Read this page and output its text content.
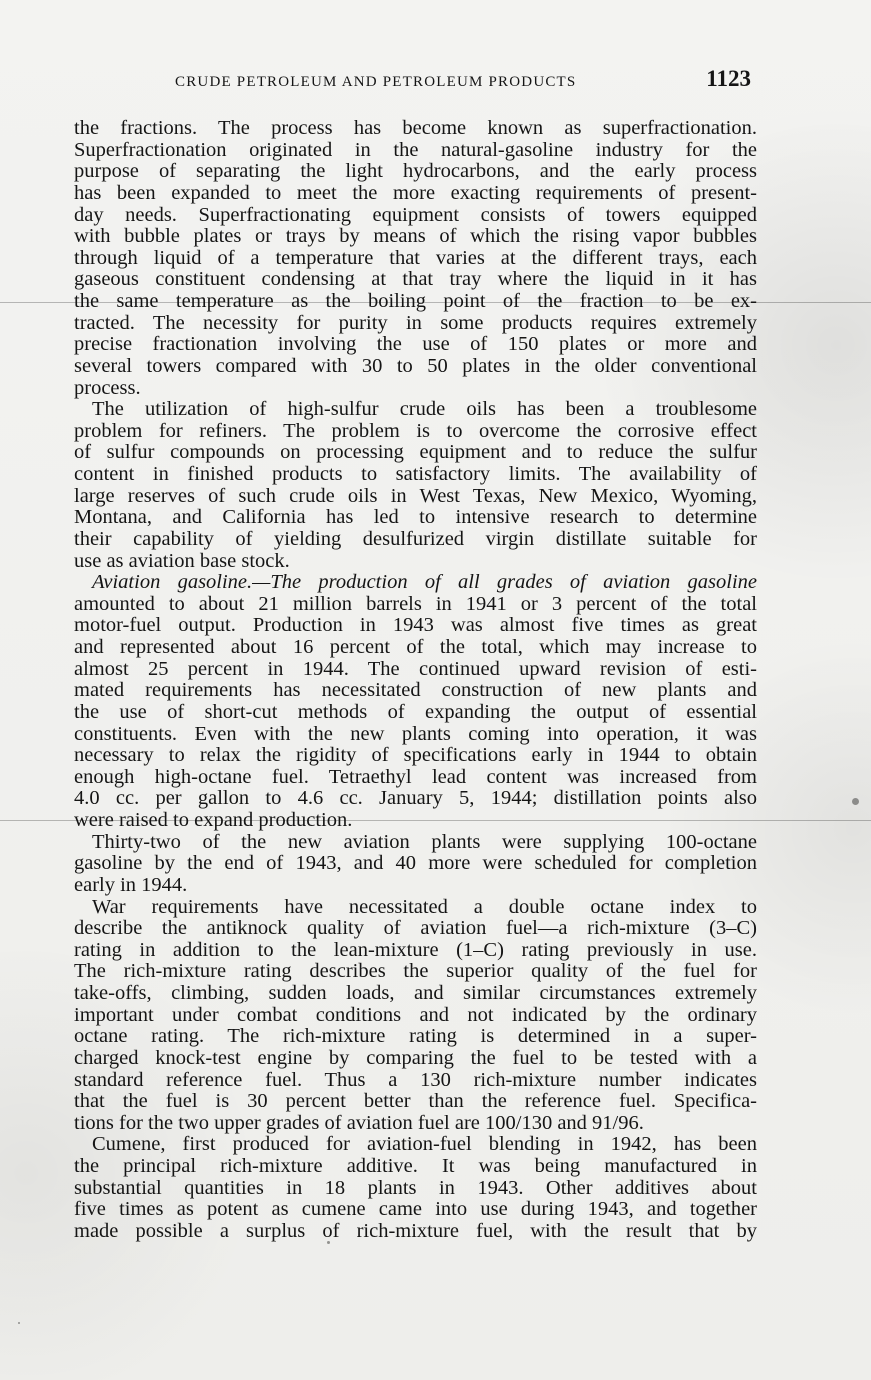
CRUDE PETROLEUM AND PETROLEUM PRODUCTS	1123
the fractions. The process has become known as superfractionation.
Superfractionation originated in the natural-gasoline industry for the
purpose of separating the light hydrocarbons, and the early process
has been expanded to meet the more exacting requirements of present-
day needs. Superfractionating equipment consists of towers equipped
with bubble plates or trays by means of which the rising vapor bubbles
through liquid of a temperature that varies at the different trays, each
gaseous constituent condensing at that tray where the liquid in it has
the same temperature as the boiling point of the fraction to be ex-
tracted. The necessity for purity in some products requires extremely
precise fractionation involving the use of 150 plates or more and
several towers compared with 30 to 50 plates in the older conventional
process.
The utilization of high-sulfur crude oils has been a troublesome
problem for refiners. The problem is to overcome the corrosive effect
of sulfur compounds on processing equipment and to reduce the sulfur
content in finished products to satisfactory limits. The availability of
large reserves of such crude oils in West Texas, New Mexico, Wyoming,
Montana, and California has led to intensive research to determine
their capability of yielding desulfurized virgin distillate suitable for
use as aviation base stock.
Aviation gasoline.—The production of all grades of aviation gasoline
amounted to about 21 million barrels in 1941 or 3 percent of the total
motor-fuel output. Production in 1943 was almost five times as great
and represented about 16 percent of the total, which may increase to
almost 25 percent in 1944. The continued upward revision of esti-
mated requirements has necessitated construction of new plants and
the use of short-cut methods of expanding the output of essential
constituents. Even with the new plants coming into operation, it was
necessary to relax the rigidity of specifications early in 1944 to obtain
enough high-octane fuel. Tetraethyl lead content was increased from
4.0 cc. per gallon to 4.6 cc. January 5, 1944; distillation points also
were raised to expand production.
Thirty-two of the new aviation plants were supplying 100-octane
gasoline by the end of 1943, and 40 more were scheduled for completion
early in 1944.
War requirements have necessitated a double octane index to
describe the antiknock quality of aviation fuel—a rich-mixture (3–C)
rating in addition to the lean-mixture (1–C) rating previously in use.
The rich-mixture rating describes the superior quality of the fuel for
take-offs, climbing, sudden loads, and similar circumstances extremely
important under combat conditions and not indicated by the ordinary
octane rating. The rich-mixture rating is determined in a super-
charged knock-test engine by comparing the fuel to be tested with a
standard reference fuel. Thus a 130 rich-mixture number indicates
that the fuel is 30 percent better than the reference fuel. Specifica-
tions for the two upper grades of aviation fuel are 100/130 and 91/96.
Cumene, first produced for aviation-fuel blending in 1942, has been
the principal rich-mixture additive. It was being manufactured in
substantial quantities in 18 plants in 1943. Other additives about
five times as potent as cumene came into use during 1943, and together
made possible a surplus of rich-mixture fuel, with the result that by
